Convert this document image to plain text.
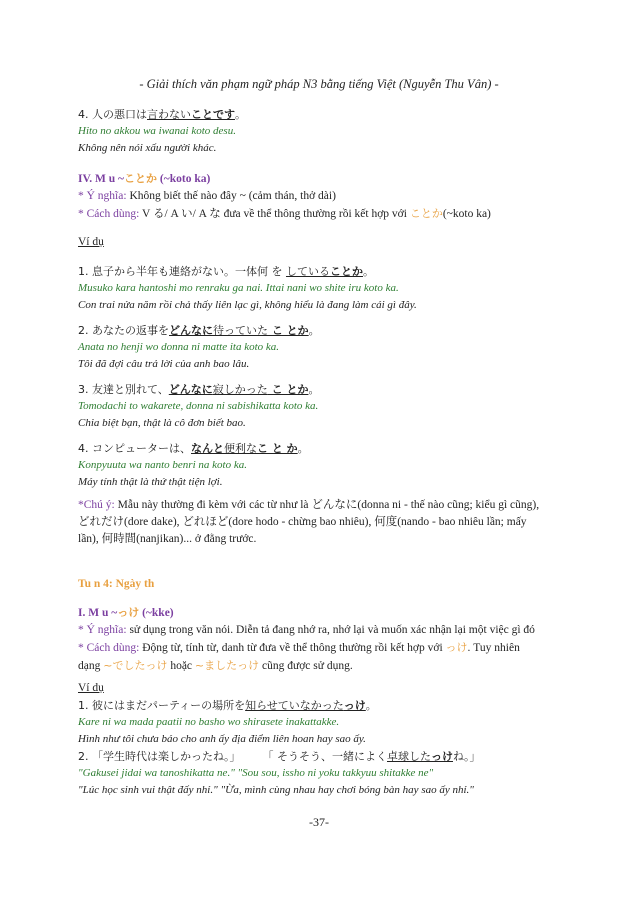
- Giải thích văn phạm ngữ pháp N3 bằng tiếng Việt (Nguyễn Thu Vân) -
4. 人の悪口は言わないことです。
Hito no akkou wa iwanai koto desu.
Không nên nói xấu người khác.
IV. M u ~ことか (~koto ka)
* Ý nghĩa: Không biết thế nào đây ~ (cảm thán, thở dài)
* Cách dùng: V る/ A い/ A な đưa về thể thông thường rồi kết hợp với ことか(~koto ka)
Ví dụ
1. 息子から半年も連絡がない。一体何 を していることか。
Musuko kara hantoshi mo renraku ga nai. Ittai nani wo shite iru koto ka.
Con trai nửa năm rồi chả thấy liên lạc gì, không hiểu là đang làm cái gì đây.
2. あなたの返事をどんなに待っていた こ とか。
Anata no henji wo donna ni matte ita koto ka.
Tôi đã đợi câu trả lời của anh bao lâu.
3. 友達と別れて、どんなに寂しかった こ とか。
Tomodachi to wakarete, donna ni sabishikatta koto ka.
Chia biệt bạn, thật là cô đơn biết bao.
4. コンピューターは、なんと便利なこ と か。
Konpyuuta wa nanto benri na koto ka.
Máy tính thật là thứ thật tiện lợi.
*Chú ý: Mẫu này thường đi kèm với các từ như là どんなに(donna ni - thế nào cũng; kiểu gì cũng),
どれだけ(dore dake), どれほど(dore hodo - chừng bao nhiêu), 何度(nando - bao nhiêu lần; mấy
lần), 何時間(nanjikan)... ở đằng trước.
Tu n 4: Ngày th
I. M u ~っけ (~kke)
* Ý nghĩa: sử dụng trong văn nói. Diễn tả đang nhớ ra, nhớ lại và muốn xác nhận lại một việc gì đó
* Cách dùng: Động từ, tính từ, danh từ đưa về thể thông thường rồi kết hợp với っけ. Tuy nhiên
dạng ~でしたっけ hoặc ~ましたっけ cũng được sử dụng.
Ví dụ
1. 彼にはまだパーティーの場所を知らせていなかったっけ。
Kare ni wa mada paatii no basho wo shirasete inakattakke.
Hình như tôi chưa báo cho anh ấy địa điểm liên hoan hay sao ấy.
2. 「学生時代は楽しかったね。」 「 そうそう、一緒によく卓球したっけね。」
"Gakusei jidai wa tanoshikatta ne." "Sou sou, issho ni yoku takkyuu shitakke ne"
"Lúc học sinh vui thật đấy nhỉ." "Ừa, mình cùng nhau hay chơi bóng bàn hay sao ấy nhỉ."
-37-
